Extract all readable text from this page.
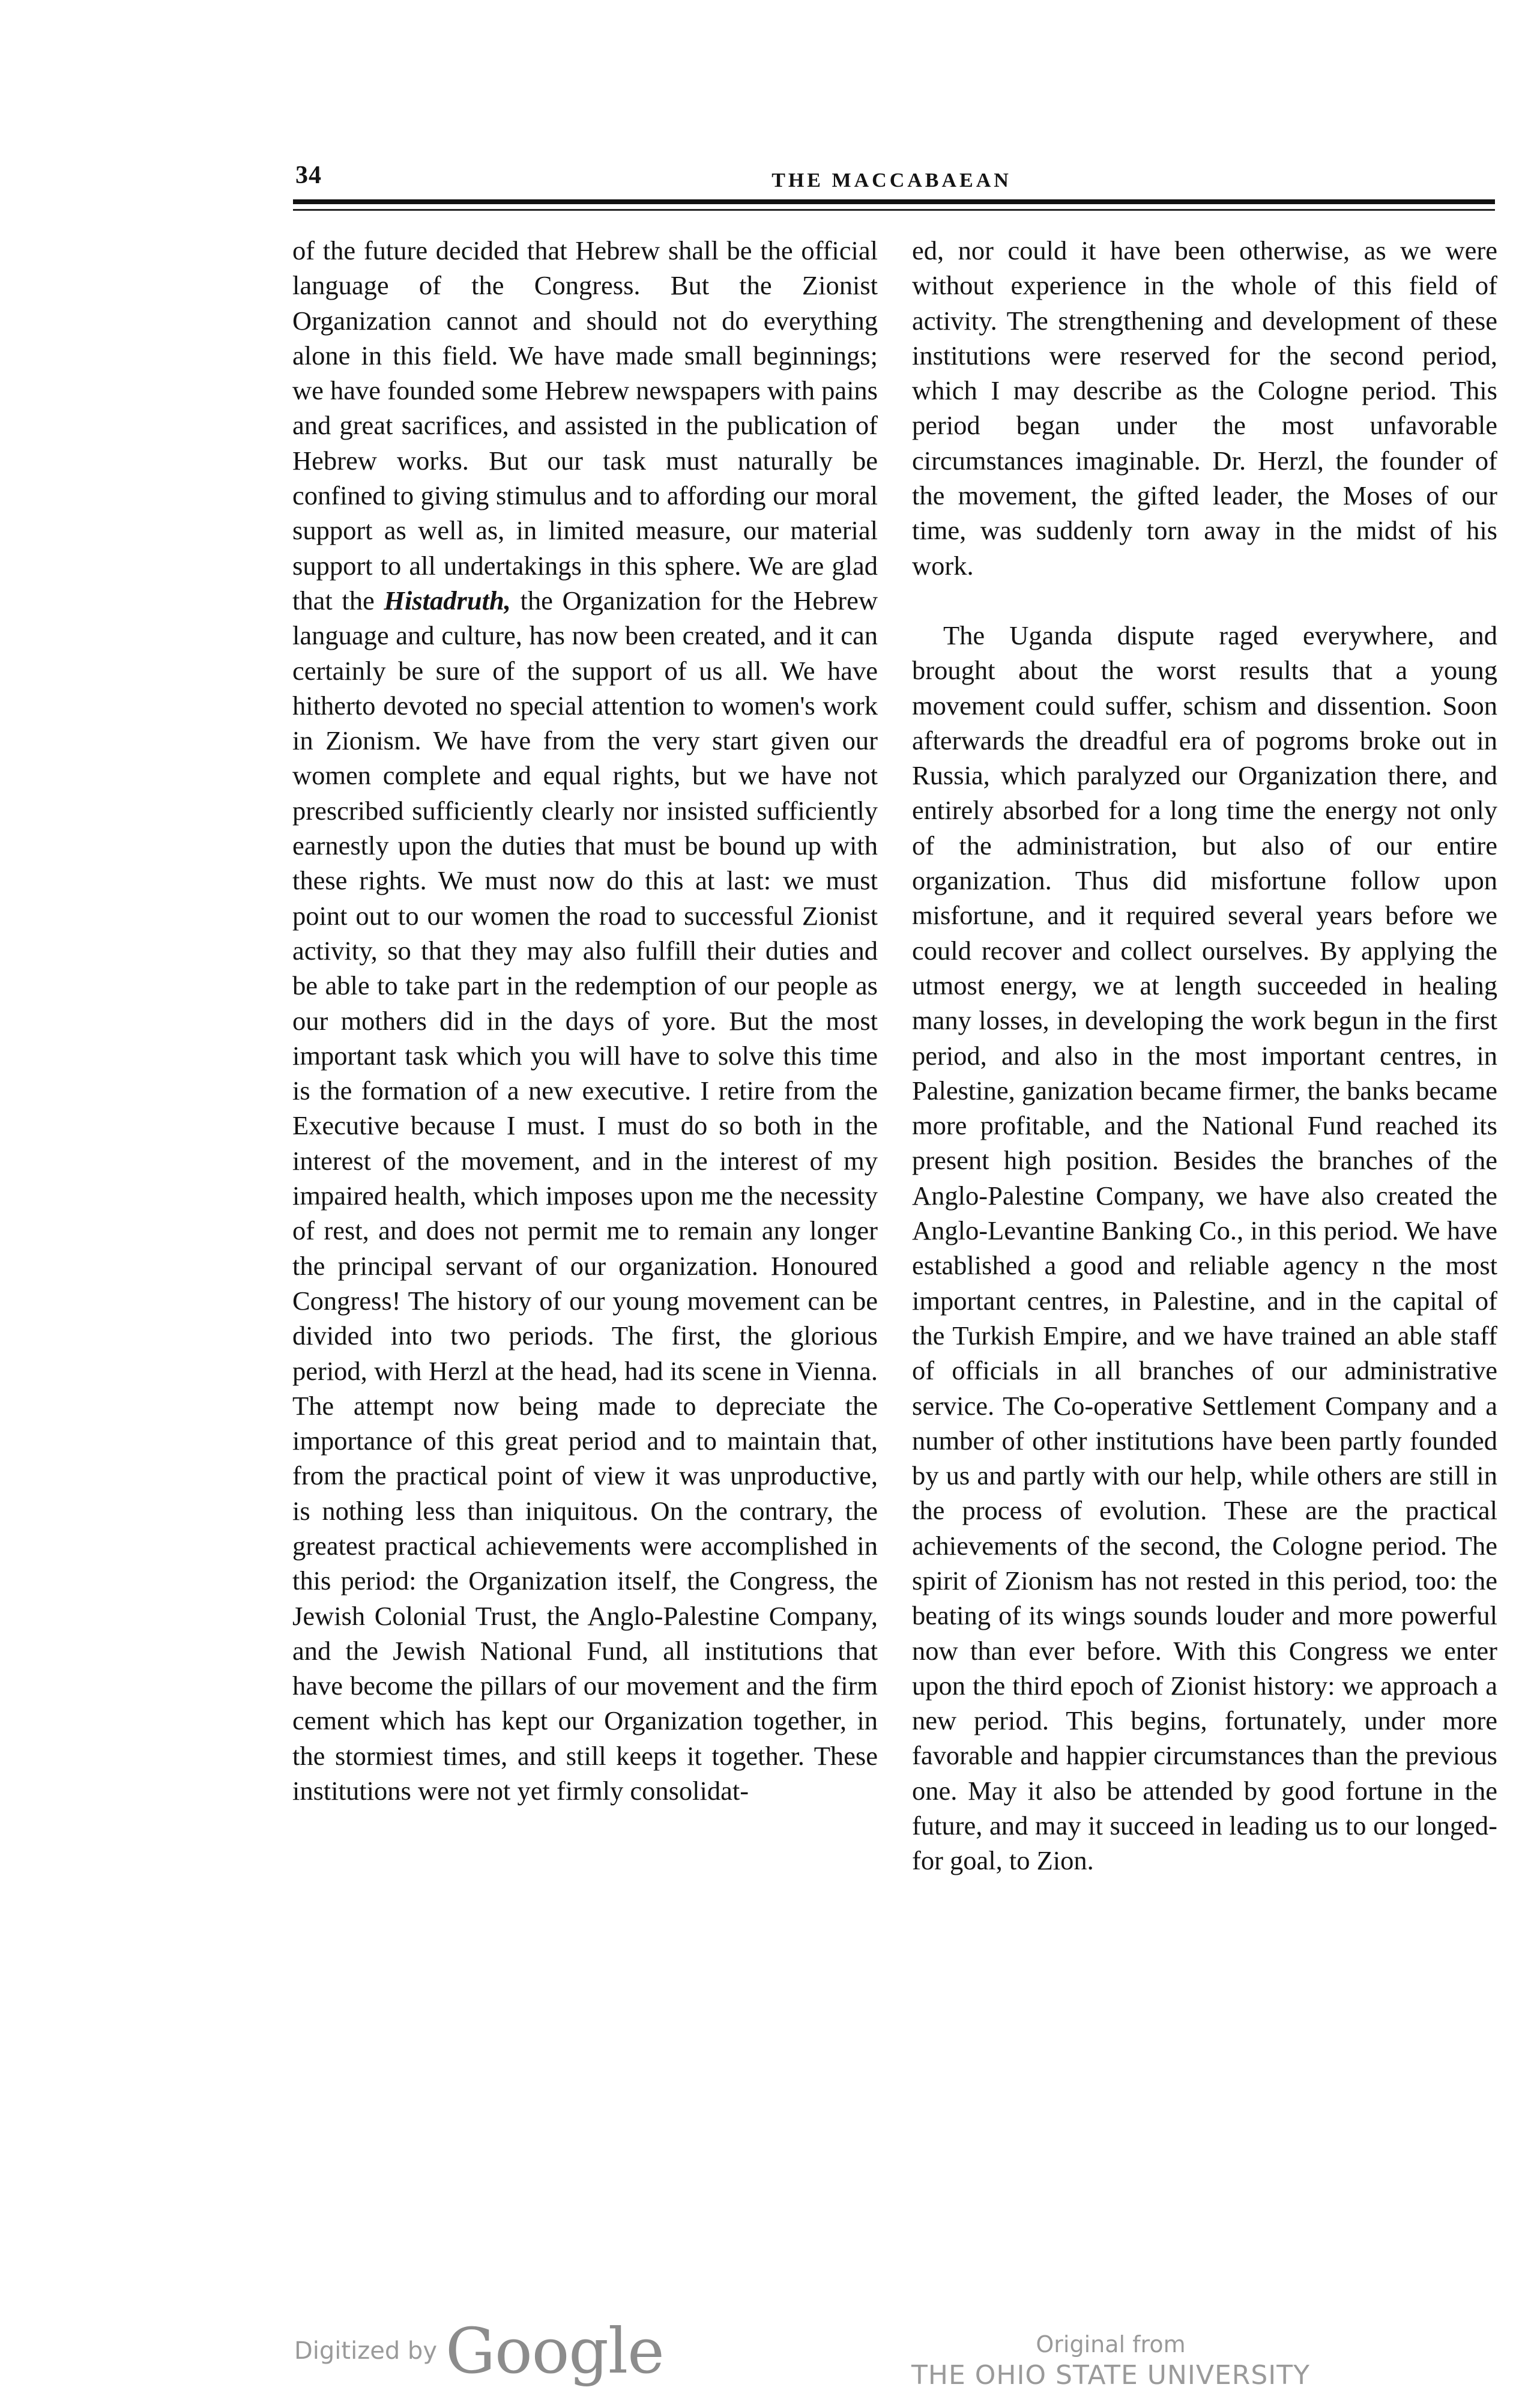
34	THE MACCABAEAN

of the future decided that Hebrew shall be the official language of the Congress. But the Zionist Organization cannot and should not do everything alone in this field. We have made small beginnings; we have founded some Hebrew newspapers with pains and great sacrifices, and assisted in the publication of Hebrew works. But our task must naturally be confined to giving stimulus and to affording our moral support as well as, in limited measure, our material support to all undertakings in this sphere. We are glad that the Histadruth, the Organization for the Hebrew language and culture, has now been created, and it can certainly be sure of the support of us all. We have hitherto devoted no special attention to women's work in Zionism. We have from the very start given our women complete and equal rights, but we have not prescribed sufficiently clearly nor insisted sufficiently earnestly upon the duties that must be bound up with these rights. We must now do this at last: we must point out to our women the road to successful Zionist activity, so that they may also fulfill their duties and be able to take part in the redemption of our people as our mothers did in the days of yore. But the most important task which you will have to solve this time is the formation of a new executive. I retire from the Executive because I must. I must do so both in the interest of the movement, and in the interest of my impaired health, which imposes upon me the necessity of rest, and does not permit me to remain any longer the principal servant of our organization. Honoured Congress! The history of our young movement can be divided into two periods. The first, the glorious period, with Herzl at the head, had its scene in Vienna. The attempt now being made to depreciate the importance of this great period and to maintain that, from the practical point of view it was unproductive, is nothing less than iniquitous. On the contrary, the greatest practical achievements were accomplished in this period: the Organization itself, the Congress, the Jewish Colonial Trust, the Anglo-Palestine Company, and the Jewish National Fund, all institutions that have become the pillars of our movement and the firm cement which has kept our Organization together, in the stormiest times, and still keeps it together. These institutions were not yet firmly consolidat-

ed, nor could it have been otherwise, as we were without experience in the whole of this field of activity. The strengthening and development of these institutions were reserved for the second period, which I may describe as the Cologne period. This period began under the most unfavorable circumstances imaginable. Dr. Herzl, the founder of the movement, the gifted leader, the Moses of our time, was suddenly torn away in the midst of his work.

The Uganda dispute raged everywhere, and brought about the worst results that a young movement could suffer, schism and dissention. Soon afterwards the dreadful era of pogroms broke out in Russia, which paralyzed our Organization there, and entirely absorbed for a long time the energy not only of the administration, but also of our entire organization. Thus did misfortune follow upon misfortune, and it required several years before we could recover and collect ourselves. By applying the utmost energy, we at length succeeded in healing many losses, in developing the work begun in the first period, and also in the most important centres, in Palestine, ganization became firmer, the banks became more profitable, and the National Fund reached its present high position. Besides the branches of the Anglo-Palestine Company, we have also created the Anglo-Levantine Banking Co., in this period. We have established a good and reliable agency n the most important centres, in Palestine, and in the capital of the Turkish Empire, and we have trained an able staff of officials in all branches of our administrative service. The Co-operative Settlement Company and a number of other institutions have been partly founded by us and partly with our help, while others are still in the process of evolution. These are the practical achievements of the second, the Cologne period. The spirit of Zionism has not rested in this period, too: the beating of its wings sounds louder and more powerful now than ever before. With this Congress we enter upon the third epoch of Zionist history: we approach a new period. This begins, fortunately, under more favorable and happier circumstances than the previous one. May it also be attended by good fortune in the future, and may it succeed in leading us to our longed-for goal, to Zion.

Digitized by Google	Original from
THE OHIO STATE UNIVERSITY
